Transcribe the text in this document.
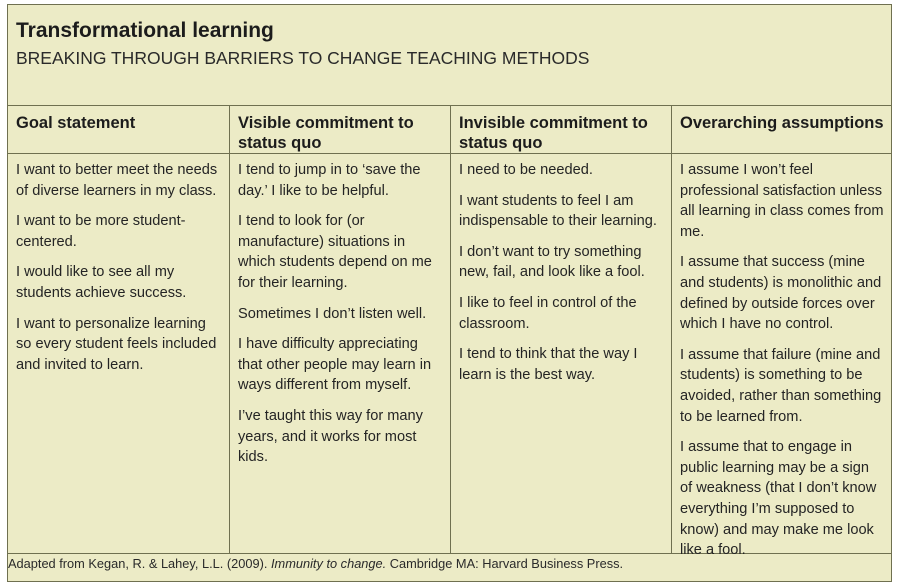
Transformational learning
BREAKING THROUGH BARRIERS TO CHANGE TEACHING METHODS
Goal statement

I want to better meet the needs of diverse learners in my class.

I want to be more student-centered.

I would like to see all my students achieve success.

I want to personalize learning so every student feels included and invited to learn.

Visible commitment to status quo

I tend to jump in to ‘save the day.’ I like to be helpful.

I tend to look for (or manufacture) situations in which students depend on me for their learning.

Sometimes I don’t listen well.

I have difficulty appreciating that other people may learn in ways different from myself.

I’ve taught this way for many years, and it works for most kids.

Invisible commitment to status quo

I need to be needed.

I want students to feel I am indispensable to their learning.

I don’t want to try something new, fail, and look like a fool.

I like to feel in control of the classroom.

I tend to think that the way I learn is the best way.

Overarching assumptions

I assume I won’t feel professional satisfaction unless all learning in class comes from me.

I assume that success (mine and students) is monolithic and defined by outside forces over which I have no control.

I assume that failure (mine and students) is something to be avoided, rather than something to be learned from.

I assume that to engage in public learning may be a sign of weakness (that I don’t know everything I’m supposed to know) and may make me look like a fool.

Adapted from Kegan, R. & Lahey, L.L. (2009). Immunity to change. Cambridge MA: Harvard Business Press.
